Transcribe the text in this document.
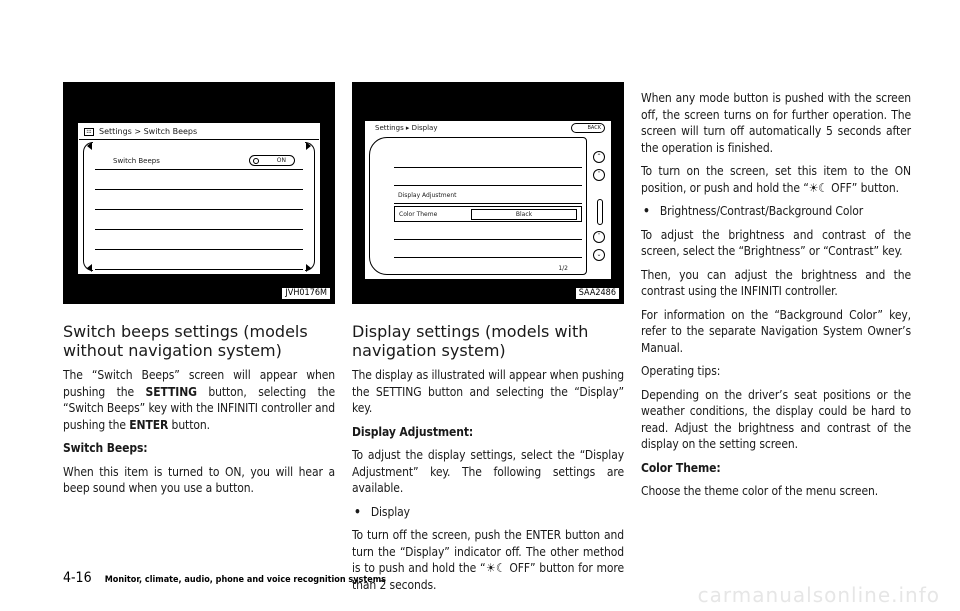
☷ Settings > Switch Beeps
Switch Beeps	ON
JVH0176M
Switch beeps settings (models without navigation system)

The “Switch Beeps” screen will appear when pushing the SETTING button, selecting the “Switch Beeps” key with the INFINITI controller and pushing the ENTER button.

Switch Beeps:

When this item is turned to ON, you will hear a beep sound when you use a button.

Settings ▸ Display	BACK
Display Adjustment
Color Theme	Black
1/2
⌃
˄
˅
⌄
SAA2486
Display settings (models with navigation system)

The display as illustrated will appear when pushing the SETTING button and selecting the “Display” key.

Display Adjustment:

To adjust the display settings, select the “Display Adjustment” key. The following settings are available.

• Display

To turn off the screen, push the ENTER button and turn the “Display” indicator off. The other method is to push and hold the “☀☾ OFF” button for more than 2 seconds.

When any mode button is pushed with the screen off, the screen turns on for further operation. The screen will turn off automatically 5 seconds after the operation is finished.

To turn on the screen, set this item to the ON position, or push and hold the “☀☾ OFF” button.

• Brightness/Contrast/Background Color

To adjust the brightness and contrast of the screen, select the “Brightness” or “Contrast” key.

Then, you can adjust the brightness and the contrast using the INFINITI controller.

For information on the “Background Color” key, refer to the separate Navigation System Owner’s Manual.

Operating tips:

Depending on the driver’s seat positions or the weather conditions, the display could be hard to read. Adjust the brightness and contrast of the display on the setting screen.

Color Theme:

Choose the theme color of the menu screen.

4-16 Monitor, climate, audio, phone and voice recognition systems
carmanualsonline.info
